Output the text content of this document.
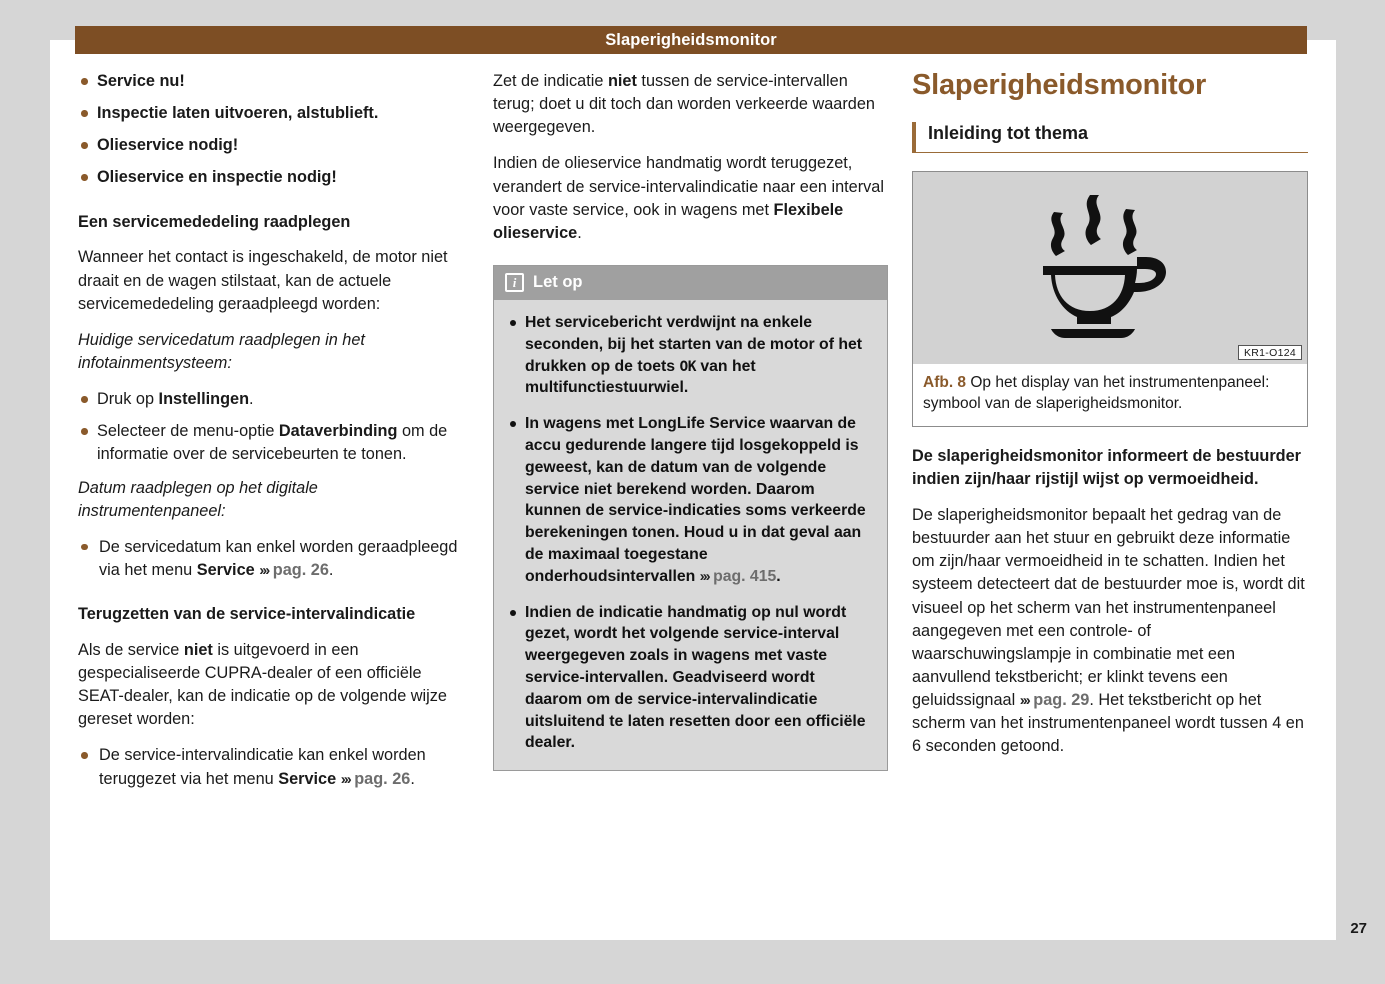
Slaperigheidsmonitor
27
Service nu!
Inspectie laten uitvoeren, alstublieft.
Olieservice nodig!
Olieservice en inspectie nodig!
Een servicemededeling raadplegen

Wanneer het contact is ingeschakeld, de motor niet draait en de wagen stilstaat, kan de actuele servicemededeling geraadpleegd worden:

Huidige servicedatum raadplegen in het infotainmentsysteem:

Druk op Instellingen.
Selecteer de menu-optie Dataverbinding om de informatie over de servicebeurten te tonen.

Datum raadplegen op het digitale instrumentenpaneel:

De servicedatum kan enkel worden geraadpleegd via het menu Service ››› pag. 26.
Terugzetten van de service-intervalindicatie

Als de service niet is uitgevoerd in een gespecialiseerde CUPRA-dealer of een officiële SEAT-dealer, kan de indicatie op de volgende wijze gereset worden:

De service-intervalindicatie kan enkel worden teruggezet via het menu Service ››› pag. 26.

Zet de indicatie niet tussen de service-intervallen terug; doet u dit toch dan worden verkeerde waarden weergegeven.

Indien de olieservice handmatig wordt teruggezet, verandert de service-intervalindicatie naar een interval voor vaste service, ook in wagens met Flexibele olieservice.

i	Let op
Het servicebericht verdwijnt na enkele seconden, bij het starten van de motor of het drukken op de toets OK van het multifunctiestuurwiel.
In wagens met LongLife Service waarvan de accu gedurende langere tijd losgekoppeld is geweest, kan de datum van de volgende service niet berekend worden. Daarom kunnen de service-indicaties soms verkeerde berekeningen tonen. Houd u in dat geval aan de maximaal toegestane onderhoudsintervallen ››› pag. 415.
Indien de indicatie handmatig op nul wordt gezet, wordt het volgende service-interval weergegeven zoals in wagens met vaste service-intervallen. Geadviseerd wordt daarom om de service-intervalindicatie uitsluitend te laten resetten door een officiële dealer.
Slaperigheidsmonitor
Inleiding tot thema
KR1-O124
Afb. 8 Op het display van het instrumentenpaneel: symbool van de slaperigheidsmonitor.

De slaperigheidsmonitor informeert de bestuurder indien zijn/haar rijstijl wijst op vermoeidheid.

De slaperigheidsmonitor bepaalt het gedrag van de bestuurder aan het stuur en gebruikt deze informatie om zijn/haar vermoeidheid in te schatten. Indien het systeem detecteert dat de bestuurder moe is, wordt dit visueel op het scherm van het instrumentenpaneel aangegeven met een controle- of waarschuwingslampje in combinatie met een aanvullend tekstbericht; er klinkt tevens een geluidssignaal ››› pag. 29. Het tekstbericht op het scherm van het instrumentenpaneel wordt tussen 4 en 6 seconden getoond.
